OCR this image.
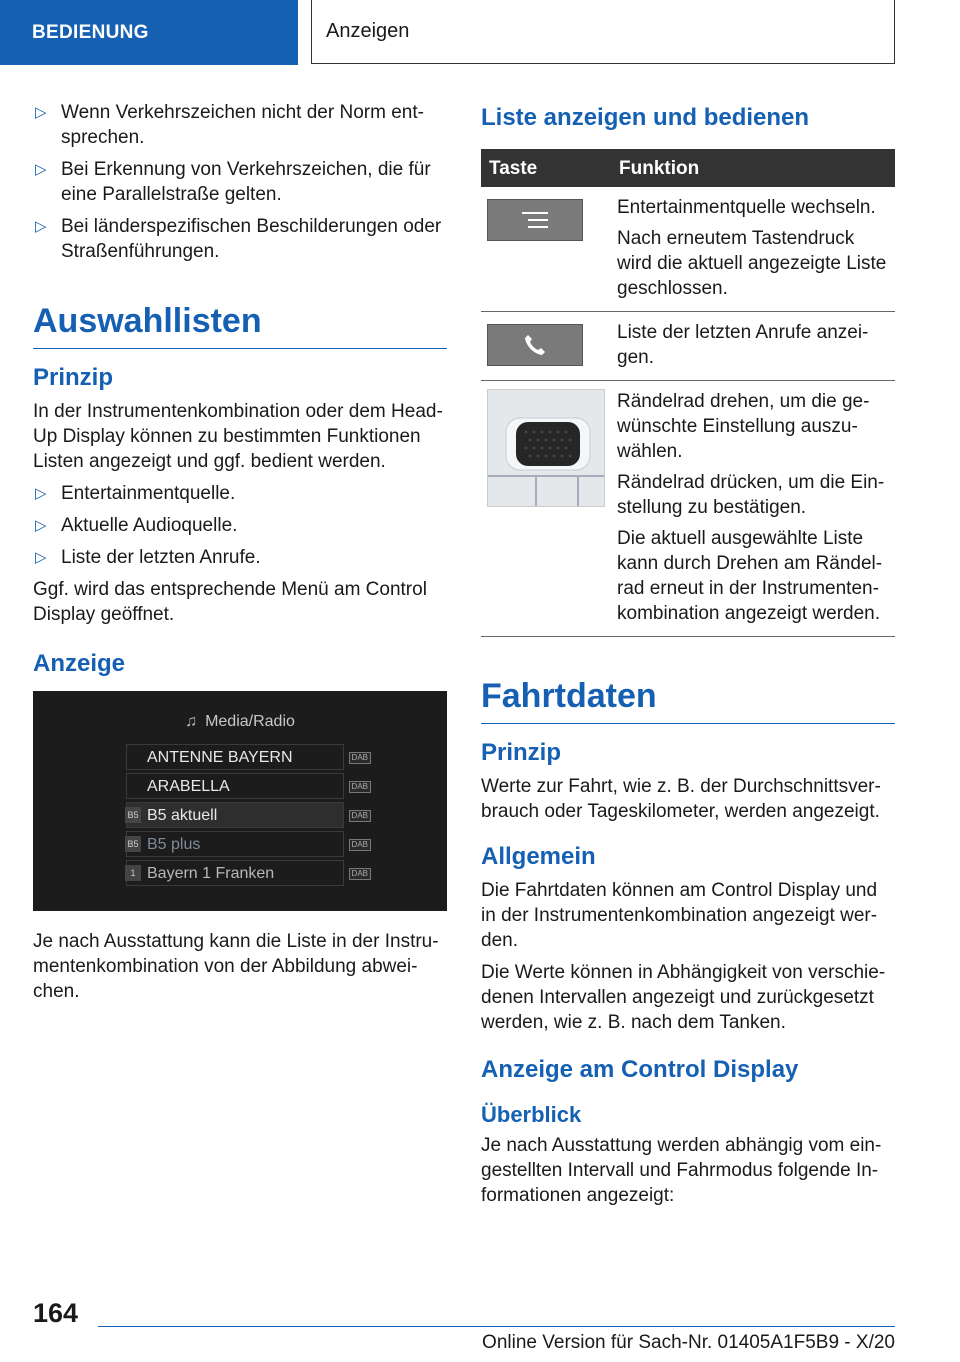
BEDIENUNG	Anzeigen
▷ Wenn Verkehrszeichen nicht der Norm ent‐sprechen.
▷ Bei Erkennung von Verkehrszeichen, die für eine Parallelstraße gelten.
▷ Bei länderspezifischen Beschilderungen oder Straßenführungen.
Auswahllisten
Prinzip

In der Instrumentenkombination oder dem Head-Up Display können zu bestimmten Funktionen Listen angezeigt und ggf. bedient werden.

▷ Entertainmentquelle.
▷ Aktuelle Audioquelle.
▷ Liste der letzten Anrufe.

Ggf. wird das entsprechende Menü am Control Display geöffnet.

Anzeige
♫ Media/Radio
ANTENNE BAYERN	DAB
ARABELLA	DAB
B5 B5 aktuell	DAB
B5 B5 plus	DAB
1 Bayern 1 Franken	DAB

Je nach Ausstattung kann die Liste in der Instru‐mentenkombination von der Abbildung abwei‐chen.

Liste anzeigen und bedienen
Taste	Funktion

Entertainmentquelle wechseln.

Nach erneutem Tastendruck wird die aktuell angezeigte Liste geschlossen.

Liste der letzten Anrufe anzei‐gen.

Rändelrad drehen, um die ge‐wünschte Einstellung auszu‐wählen.

Rändelrad drücken, um die Ein‐stellung zu bestätigen.

Die aktuell ausgewählte Liste kann durch Drehen am Rändel‐rad erneut in der Instrumenten‐kombination angezeigt werden.

Fahrtdaten
Prinzip

Werte zur Fahrt, wie z. B. der Durchschnittsver‐brauch oder Tageskilometer, werden angezeigt.

Allgemein

Die Fahrtdaten können am Control Display und in der Instrumentenkombination angezeigt wer‐den.

Die Werte können in Abhängigkeit von verschie‐denen Intervallen angezeigt und zurückgesetzt werden, wie z. B. nach dem Tanken.

Anzeige am Control Display
Überblick

Je nach Ausstattung werden abhängig vom ein‐gestellten Intervall und Fahrmodus folgende In‐formationen angezeigt:

164
Online Version für Sach-Nr. 01405A1F5B9 - X/20
